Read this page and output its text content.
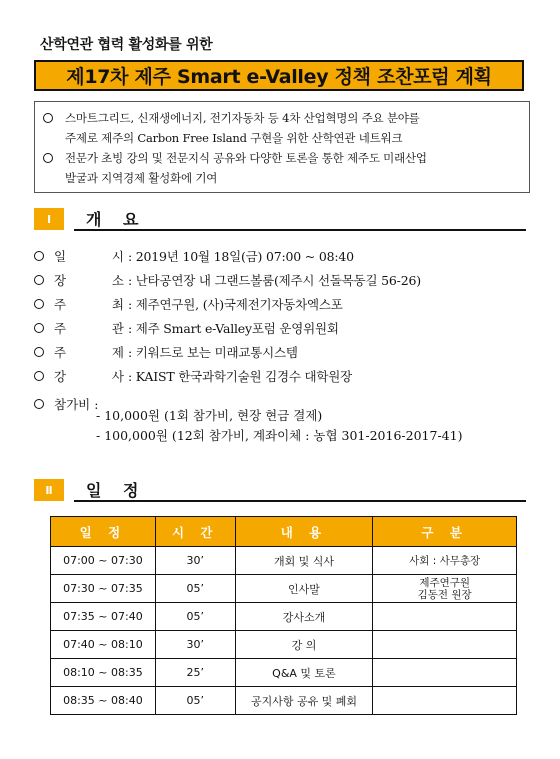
산학연관 협력 활성화를 위한
제17차 제주 Smart e-Valley 정책 조찬포럼 계획
스마트그리드, 신재생에너지, 전기자동차 등 4차 산업혁명의 주요 분야를
주제로 제주의 Carbon Free Island 구현을 위한 산학연관 네트워크
전문가 초빙 강의 및 전문지식 공유와 다양한 토론을 통한 제주도 미래산업
발굴과 지역경제 활성화에 기여
Ⅰ	개 요
일	시 : 2019년 10월 18일(금) 07:00 ~ 08:40
장	소 : 난타공연장 내 그랜드볼룸(제주시 선돌목동길 56-26)
주	최 : 제주연구원, (사)국제전기자동차엑스포
주	관 : 제주 Smart e-Valley포럼 운영위원회
주	제 : 키워드로 보는 미래교통시스템
강	사 : KAIST 한국과학기술원 김경수 대학원장
참가비 :
- 10,000원 (1회 참가비, 현장 현금 결제)
- 100,000원 (12회 참가비, 계좌이체 : 농협 301-2016-2017-41)
Ⅱ	일 정
일 정	시 간	내 용	구 분
07:00 ~ 07:30	30’	개회 및 식사	사회 : 사무총장

07:30 ~ 07:35	05’	인사말	제주연구원
김동전 원장

07:35 ~ 07:40	05’	강사소개	

07:40 ~ 08:10	30’	강 의	

08:10 ~ 08:35	25’	Q&A 및 토론	

08:35 ~ 08:40	05’	공지사항 공유 및 폐회	
